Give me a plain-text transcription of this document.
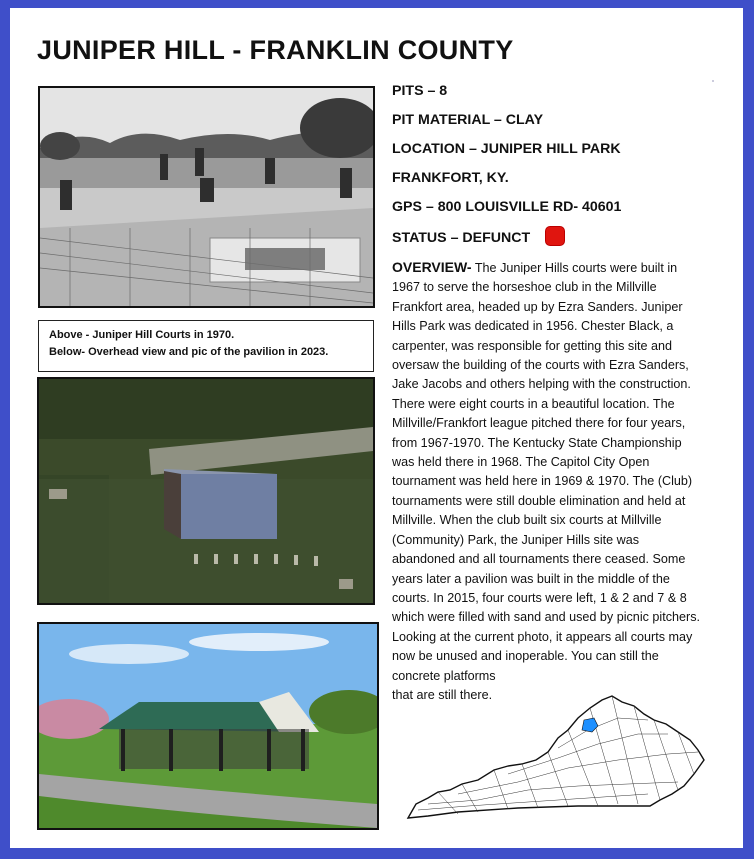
JUNIPER HILL - FRANKLIN COUNTY
Above - Juniper Hill Courts in 1970.
Below- Overhead view and pic of the pavilion in 2023.
PITS – 8
PIT MATERIAL – CLAY
LOCATION – JUNIPER HILL PARK
FRANKFORT, KY.
GPS – 800 LOUISVILLE RD- 40601
STATUS – DEFUNCT
OVERVIEW- The Juniper Hills courts were built in 1967 to serve the horseshoe club in the Millville Frankfort area, headed up by Ezra Sanders. Juniper Hills Park was dedicated in 1956. Chester Black, a carpenter, was responsible for getting this site and oversaw the building of the courts with Ezra Sanders, Jake Jacobs and others helping with the construction. There were eight courts in a beautiful location. The Millville/Frankfort league pitched there for four years, from 1967-1970. The Kentucky State Championship was held there in 1968. The Capitol City Open tournament was held here in 1969 & 1970. The (Club) tournaments were still double elimination and held at Millville. When the club built six courts at Millville (Community) Park, the Juniper Hills site was abandoned and all tournaments there ceased. Some years later a pavilion was built in the middle of the courts. In 2015, four courts were left, 1 & 2 and 7 & 8 which were filled with sand and used by picnic pitchers. Looking at the current photo, it appears all courts may now be unused and inoperable. You can still the concrete platforms
that are still there.
